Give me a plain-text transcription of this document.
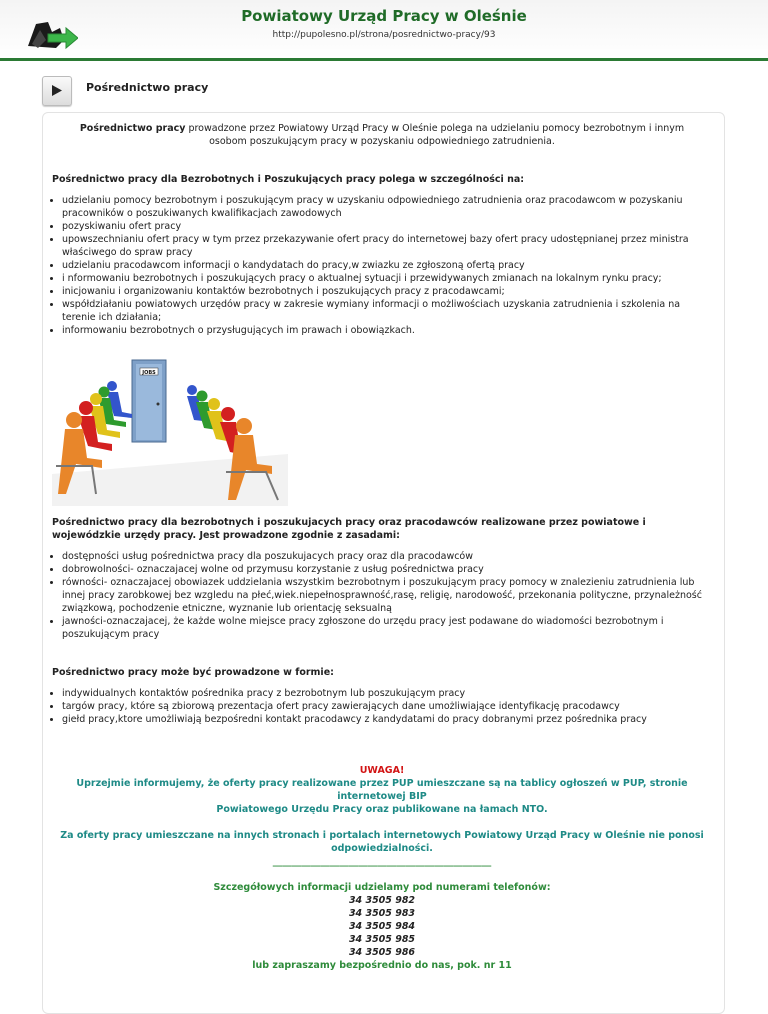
Powiatowy Urząd Pracy w Oleśnie
http://pupolesno.pl/strona/posrednictwo-pracy/93
Pośrednictwo pracy

Pośrednictwo pracy prowadzone przez Powiatowy Urząd Pracy w Oleśnie polega na udzielaniu pomocy bezrobotnym i innym osobom poszukującym pracy w pozyskaniu odpowiedniego zatrudnienia.

Pośrednictwo pracy dla Bezrobotnych i Poszukujących pracy polega w szczególności na:

• udzielaniu pomocy bezrobotnym i poszukującym pracy w uzyskaniu odpowiedniego zatrudnienia oraz pracodawcom w pozyskaniu pracowników o poszukiwanych kwalifikacjach zawodowych
• pozyskiwaniu ofert pracy
• upowszechnianiu ofert pracy w tym przez przekazywanie ofert pracy do internetowej bazy ofert pracy udostępnianej przez ministra właściwego do spraw pracy
• udzielaniu pracodawcom informacji o kandydatach do pracy,w zwiazku ze zgłoszoną ofertą pracy
• i nformowaniu bezrobotnych i poszukujących pracy o aktualnej sytuacji i przewidywanych zmianach na lokalnym rynku pracy;
• inicjowaniu i organizowaniu kontaktów bezrobotnych i poszukujących pracy z pracodawcami;
• współdziałaniu powiatowych urzędów pracy w zakresie wymiany informacji o możliwościach uzyskania zatrudnienia i szkolenia na terenie ich działania;
• informowaniu bezrobotnych o przysługujących im prawach i obowiązkach.
JOBS

Pośrednictwo pracy dla bezrobotnych i poszukujacych pracy oraz pracodawców realizowane przez powiatowe i wojewódzkie urzędy pracy. Jest prowadzone zgodnie z zasadami:

• dostępności usług pośrednictwa pracy dla poszukujacych pracy oraz dla pracodawców
• dobrowolności- oznaczajacej wolne od przymusu korzystanie z usług pośrednictwa pracy
• równości- oznaczajacej obowiazek uddzielania wszystkim bezrobotnym i poszukującym pracy pomocy w znalezieniu zatrudnienia lub innej pracy zarobkowej bez wzgledu na płeć,wiek.niepełnosprawność,rasę, religię, narodowość, przekonania polityczne, przynależność związkową, pochodzenie etniczne, wyznanie lub orientację seksualną
• jawności-oznaczajacej, że każde wolne miejsce pracy zgłoszone do urzędu pracy jest podawane do wiadomości bezrobotnym i poszukującym pracy

Pośrednictwo pracy może być prowadzone w formie:

• indywidualnych kontaktów pośrednika pracy z bezrobotnym lub poszukującym pracy
• targów pracy, które są zbiorową prezentacja ofert pracy zawierających dane umożliwiające identyfikację pracodawcy
• giełd pracy,ktore umożliwiają bezpośredni kontakt pracodawcy z kandydatami do pracy dobranymi przez pośrednika pracy

UWAGA!

Uprzejmie informujemy, że oferty pracy realizowane przez PUP umieszczane są na tablicy ogłoszeń w PUP, stronie internetowej BIP

Powiatowego Urzędu Pracy oraz publikowane na łamach NTO.

Za oferty pracy umieszczane na innych stronach i portalach internetowych Powiatowy Urząd Pracy w Oleśnie nie ponosi odpowiedzialności.

______________________________________________

Szczegółowych informacji udzielamy pod numerami telefonów:

34 3505 982

34 3505 983

34 3505 984

34 3505 985

34 3505 986

lub zapraszamy bezpośrednio do nas, pok. nr 11
